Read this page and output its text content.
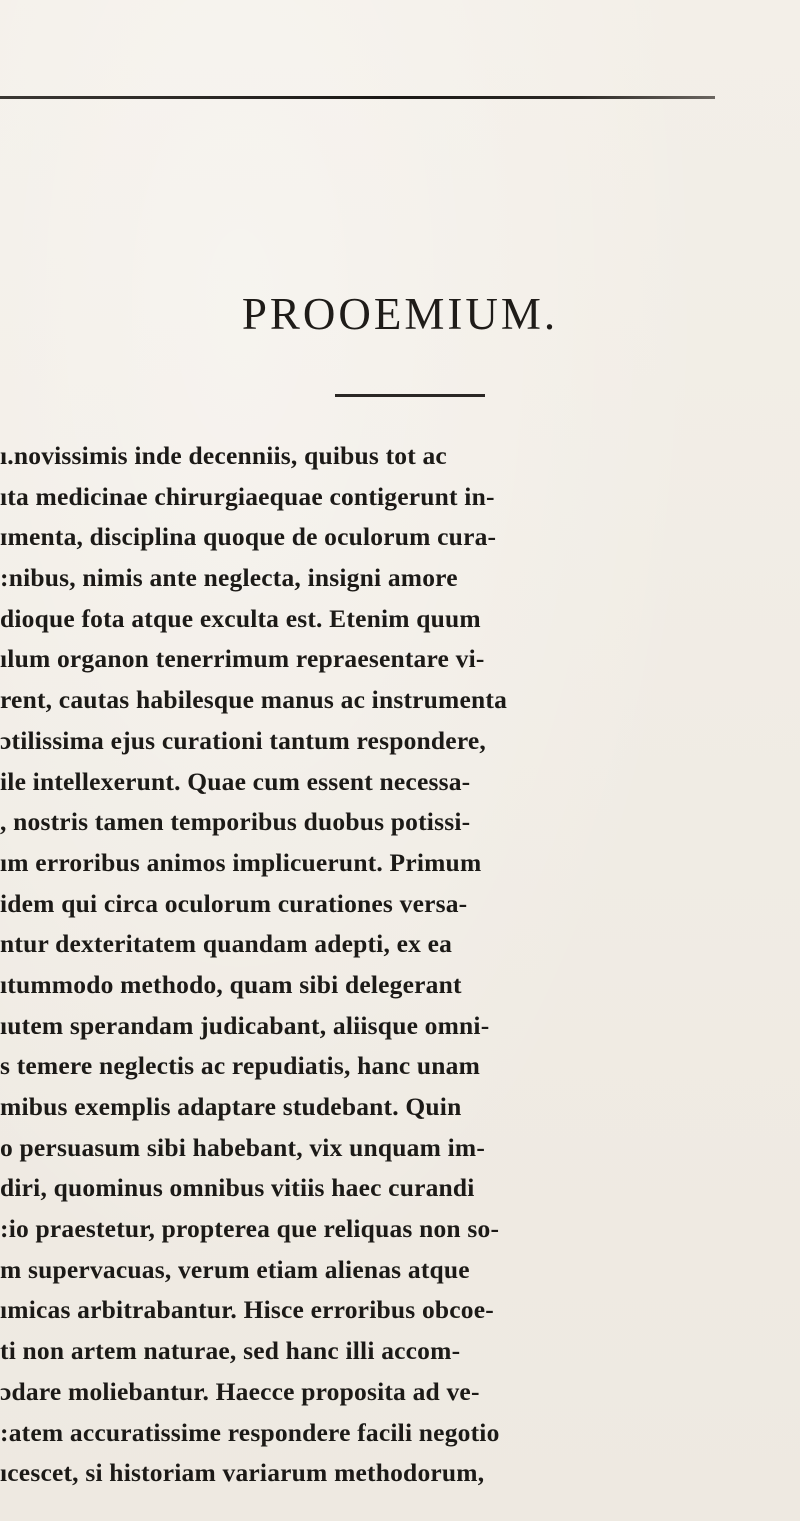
PROOEMIUM.
ı.novissimis inde decenniis, quibus tot ac
ıta medicinae chirurgiaequae contigerunt in-
ɪmenta, disciplina quoque de oculorum cura-
:nibus, nimis ante neglecta, insigni amore
dioque fota atque exculta est. Etenim quum
ılum organon tenerrimum repraesentare vi-
rent, cautas habilesque manus ac instrumenta
ɔtilissima ejus curationi tantum respondere,
ile intellexerunt. Quae cum essent necessa-
, nostris tamen temporibus duobus potissi-
ım erroribus animos implicuerunt. Primum
idem qui circa oculorum curationes versa-
ntur dexteritatem quandam adepti, ex ea
ıtummodo methodo, quam sibi delegerant
ıutem sperandam judicabant, aliisque omni-
s temere neglectis ac repudiatis, hanc unam
mibus exemplis adaptare studebant. Quin
o persuasum sibi habebant, vix unquam im-
diri, quominus omnibus vitiis haec curandi
:io praestetur, propterea que reliquas non so-
m supervacuas, verum etiam alienas atque
ımicas arbitrabantur. Hisce erroribus obcoe-
ti non artem naturae, sed hanc illi accom-
ɔdare moliebantur. Haecce proposita ad ve-
:atem accuratissime respondere facili negotio
ıcescet, si historiam variarum methodorum,
